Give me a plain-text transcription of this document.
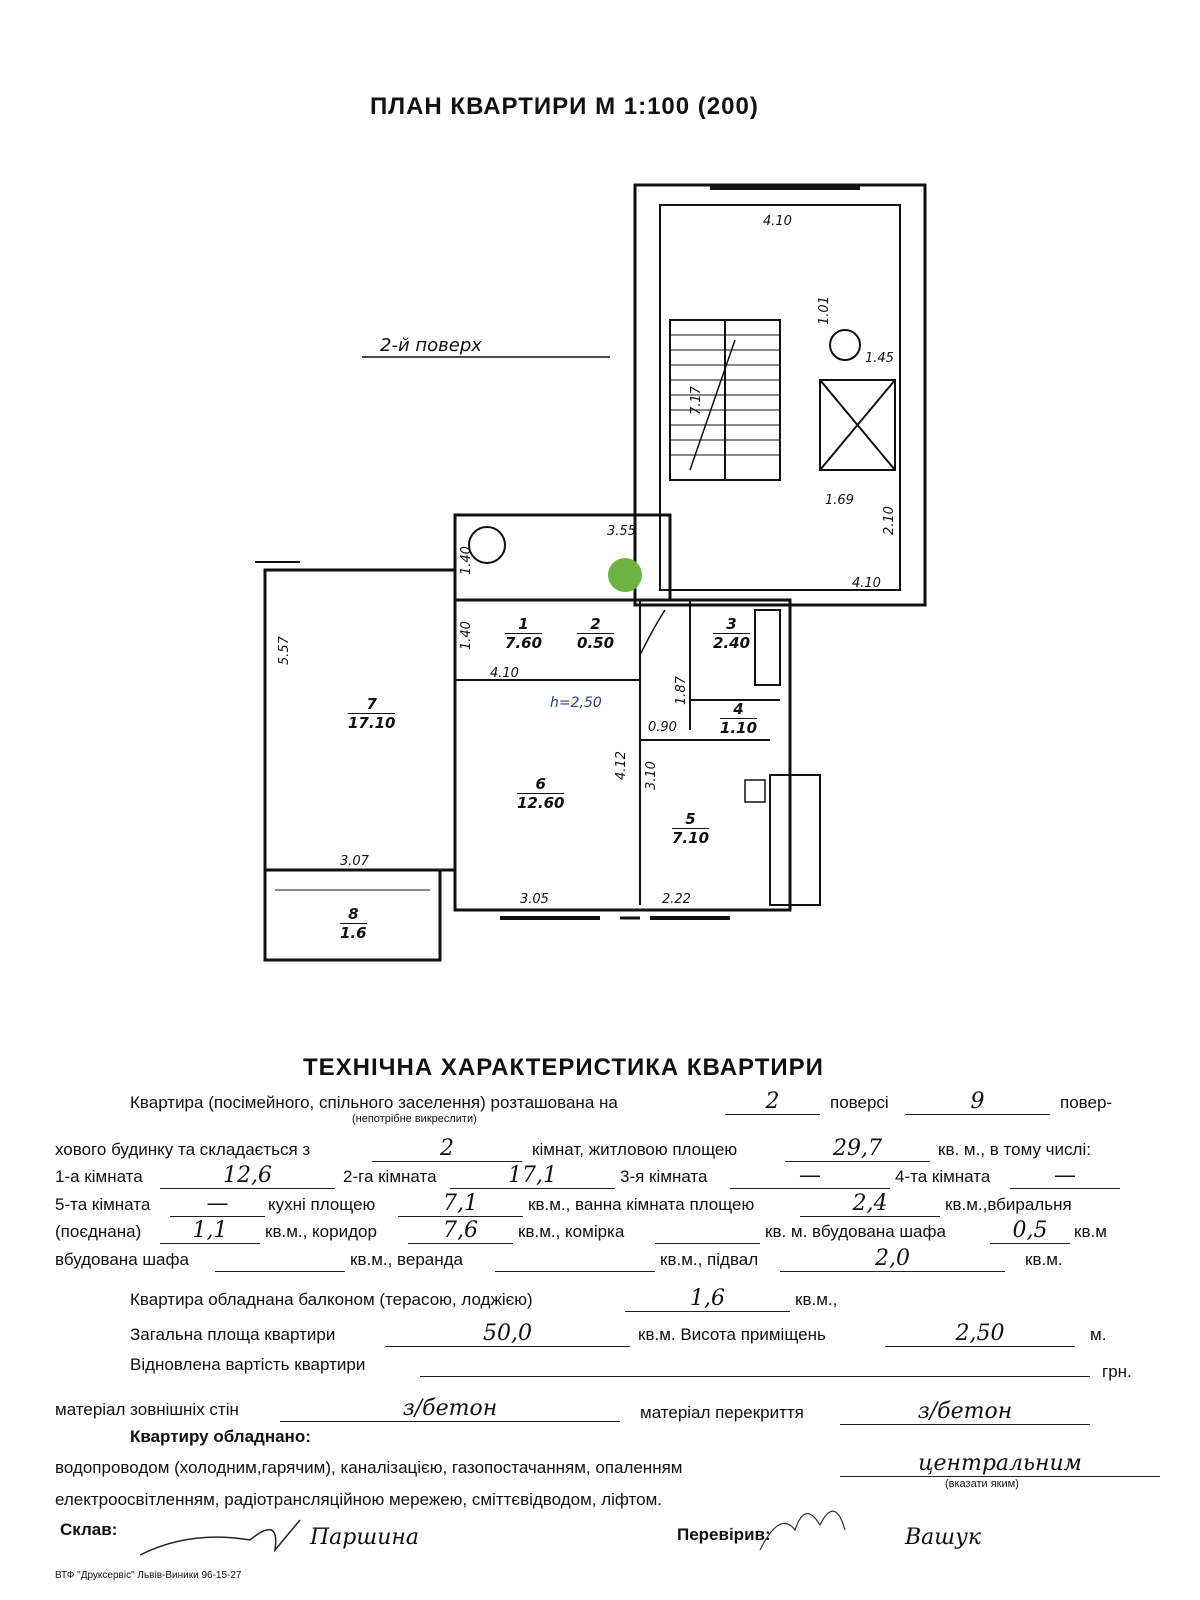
ПЛАН КВАРТИРИ М 1:100 (200)
4.10
1.01
1.45
7.17
1.69
2.10
4.10
3.55
1.40
1.40
4.10
1.87
0.90
4.12 3.10
5.57
3.07
3.05	2.22
2-й поверх
h=2,50
1
7.60
2
0.50
3
2.40
4
1.10
5
7.10
6
12.60
7
17.10
8
1.6
ТЕХНІЧНА ХАРАКТЕРИСТИКА КВАРТИРИ
Квартира (посімейного, спільного заселення) розташована на	2	поверсі	9	повер-
(непотрібне викреслити)
хового будинку та складається з	2	кімнат, житловою площею	29,7	кв. м., в тому числі:
1-а кімната	12,6	2-га кімната	17,1	3-я кімната	—	4-та кімната	—
5-та кімната	—	кухні площею	7,1	кв.м., ванна кімната площею	2,4	кв.м.,вбиральня
(поєднана)	1,1	кв.м., коридор	7,6	кв.м., комірка	кв. м. вбудована шафа	0,5	кв.м
вбудована шафа	кв.м., веранда	кв.м., підвал	2,0	кв.м.
Квартира обладнана балконом (терасою, лоджією)	1,6	кв.м.,
Загальна площа квартири	50,0	кв.м. Висота приміщень	2,50	м.
Відновлена вартість квартири	грн.
матеріал зовнішніх стін	з/бетон	матеріал перекриття	з/бетон
Квартиру обладнано:
водопроводом (холодним,гарячим), каналізацією, газопостачанням, опаленням	центральним
(вказати яким)
електроосвітленням, радіотрансляційною мережею, сміттєвідводом, ліфтом.
Склав:	Паршина	Перевірив:	Вашук
ВТФ "Друксервіс" Львів-Виники 96-15-27
